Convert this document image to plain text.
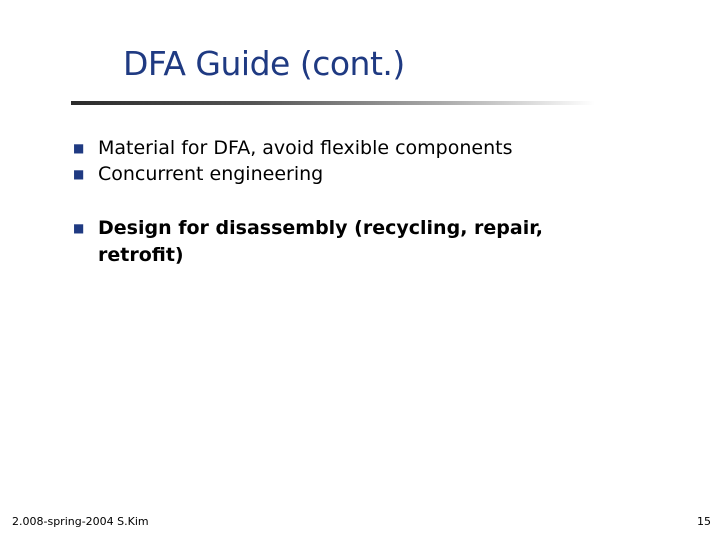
DFA Guide (cont.)
■ Material for DFA, avoid flexible components
■ Concurrent engineering
■ Design for disassembly (recycling, repair, retrofit)
2.008-spring-2004 S.Kim	15
